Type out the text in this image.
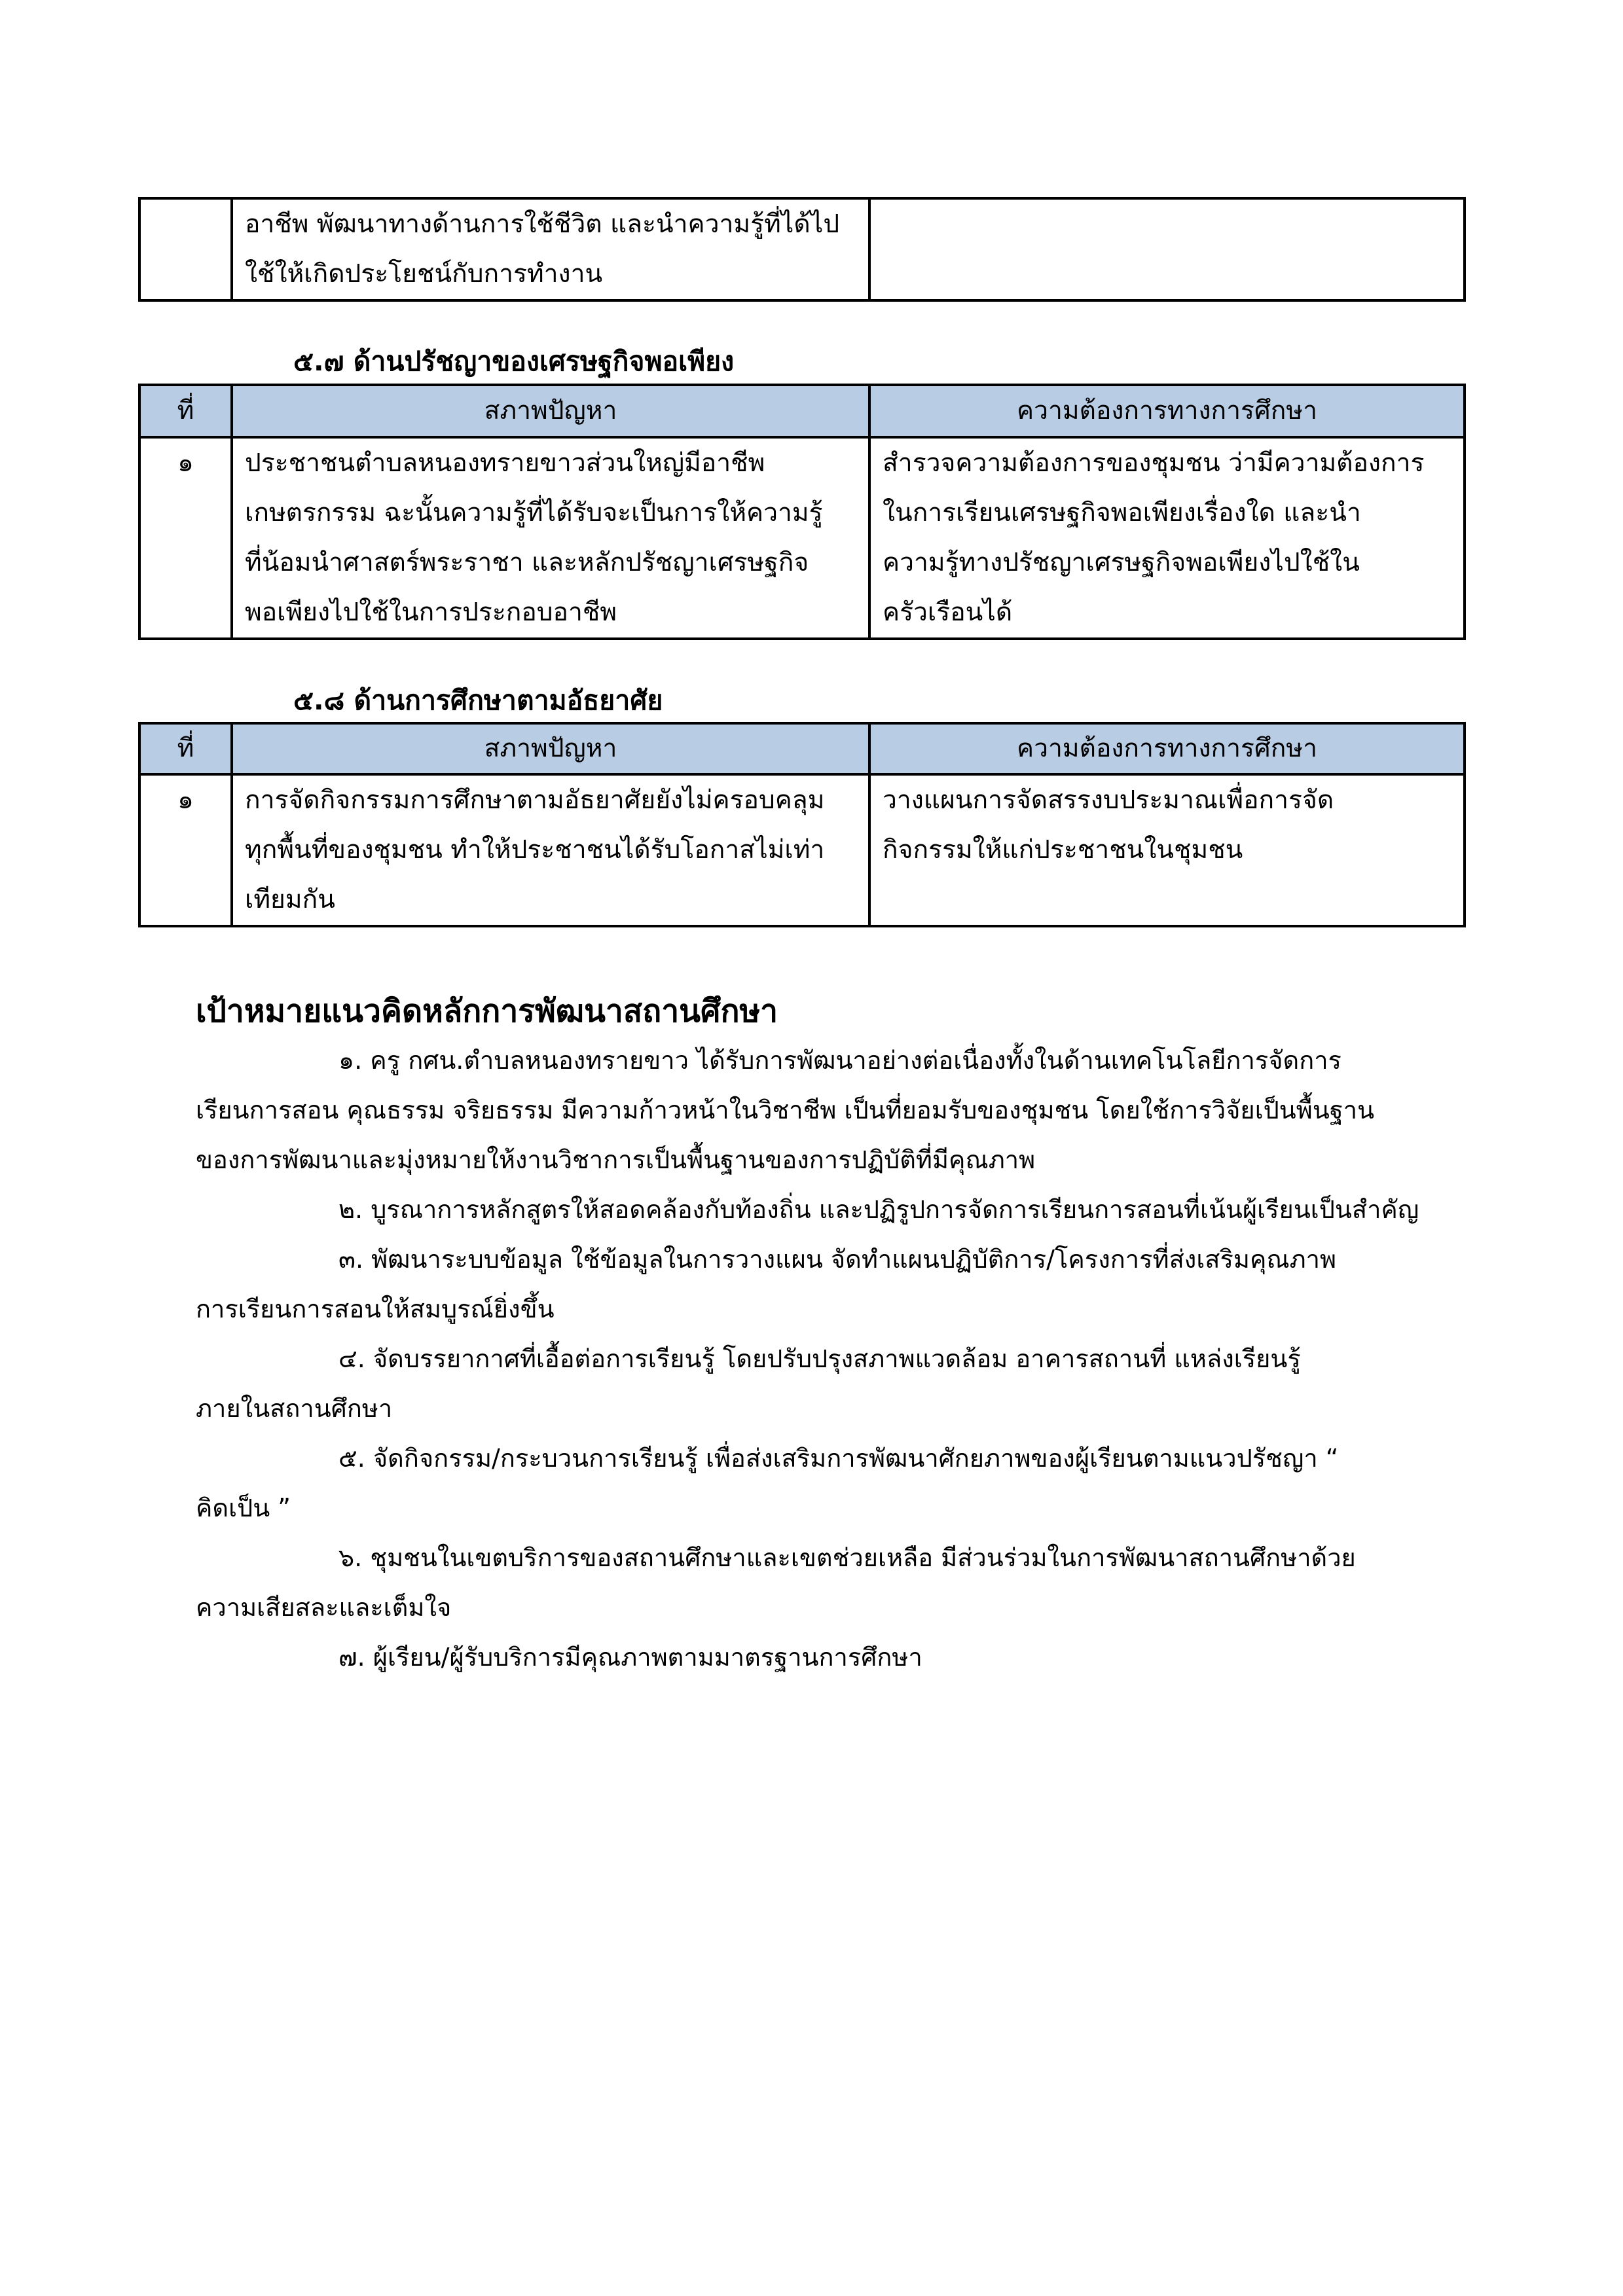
อาชีพ พัฒนาทางด้านการใช้ชีวิต และนำความรู้ที่ได้ไป
ใช้ให้เกิดประโยชน์กับการทำงาน

๕.๗ ด้านปรัชญาของเศรษฐกิจพอเพียง
ที่	สภาพปัญหา	ความต้องการทางการศึกษา
๑	ประชาชนตำบลหนองทรายขาวส่วนใหญ่มีอาชีพ
เกษตรกรรม ฉะนั้นความรู้ที่ได้รับจะเป็นการให้ความรู้
ที่น้อมนำศาสตร์พระราชา และหลักปรัชญาเศรษฐกิจ
พอเพียงไปใช้ในการประกอบอาชีพ	สำรวจความต้องการของชุมชน ว่ามีความต้องการ
ในการเรียนเศรษฐกิจพอเพียงเรื่องใด และนำ
ความรู้ทางปรัชญาเศรษฐกิจพอเพียงไปใช้ใน
ครัวเรือนได้
๕.๘ ด้านการศึกษาตามอัธยาศัย
ที่	สภาพปัญหา	ความต้องการทางการศึกษา
๑	การจัดกิจกรรมการศึกษาตามอัธยาศัยยังไม่ครอบคลุม
ทุกพื้นที่ของชุมชน ทำให้ประชาชนได้รับโอกาสไม่เท่า
เทียมกัน	วางแผนการจัดสรรงบประมาณเพื่อการจัด
กิจกรรมให้แก่ประชาชนในชุมชน
เป้าหมายแนวคิดหลักการพัฒนาสถานศึกษา
๑. ครู กศน.ตำบลหนองทรายขาว ได้รับการพัฒนาอย่างต่อเนื่องทั้งในด้านเทคโนโลยีการจัดการ
เรียนการสอน คุณธรรม จริยธรรม มีความก้าวหน้าในวิชาชีพ เป็นที่ยอมรับของชุมชน โดยใช้การวิจัยเป็นพื้นฐาน
ของการพัฒนาและมุ่งหมายให้งานวิชาการเป็นพื้นฐานของการปฏิบัติที่มีคุณภาพ
๒. บูรณาการหลักสูตรให้สอดคล้องกับท้องถิ่น และปฏิรูปการจัดการเรียนการสอนที่เน้นผู้เรียนเป็นสำคัญ
๓. พัฒนาระบบข้อมูล ใช้ข้อมูลในการวางแผน จัดทำแผนปฏิบัติการ/โครงการที่ส่งเสริมคุณภาพ
การเรียนการสอนให้สมบูรณ์ยิ่งขึ้น
๔. จัดบรรยากาศที่เอื้อต่อการเรียนรู้ โดยปรับปรุงสภาพแวดล้อม อาคารสถานที่ แหล่งเรียนรู้
ภายในสถานศึกษา
๕. จัดกิจกรรม/กระบวนการเรียนรู้ เพื่อส่งเสริมการพัฒนาศักยภาพของผู้เรียนตามแนวปรัชญา “
คิดเป็น ”
๖. ชุมชนในเขตบริการของสถานศึกษาและเขตช่วยเหลือ มีส่วนร่วมในการพัฒนาสถานศึกษาด้วย
ความเสียสละและเต็มใจ
๗. ผู้เรียน/ผู้รับบริการมีคุณภาพตามมาตรฐานการศึกษา
